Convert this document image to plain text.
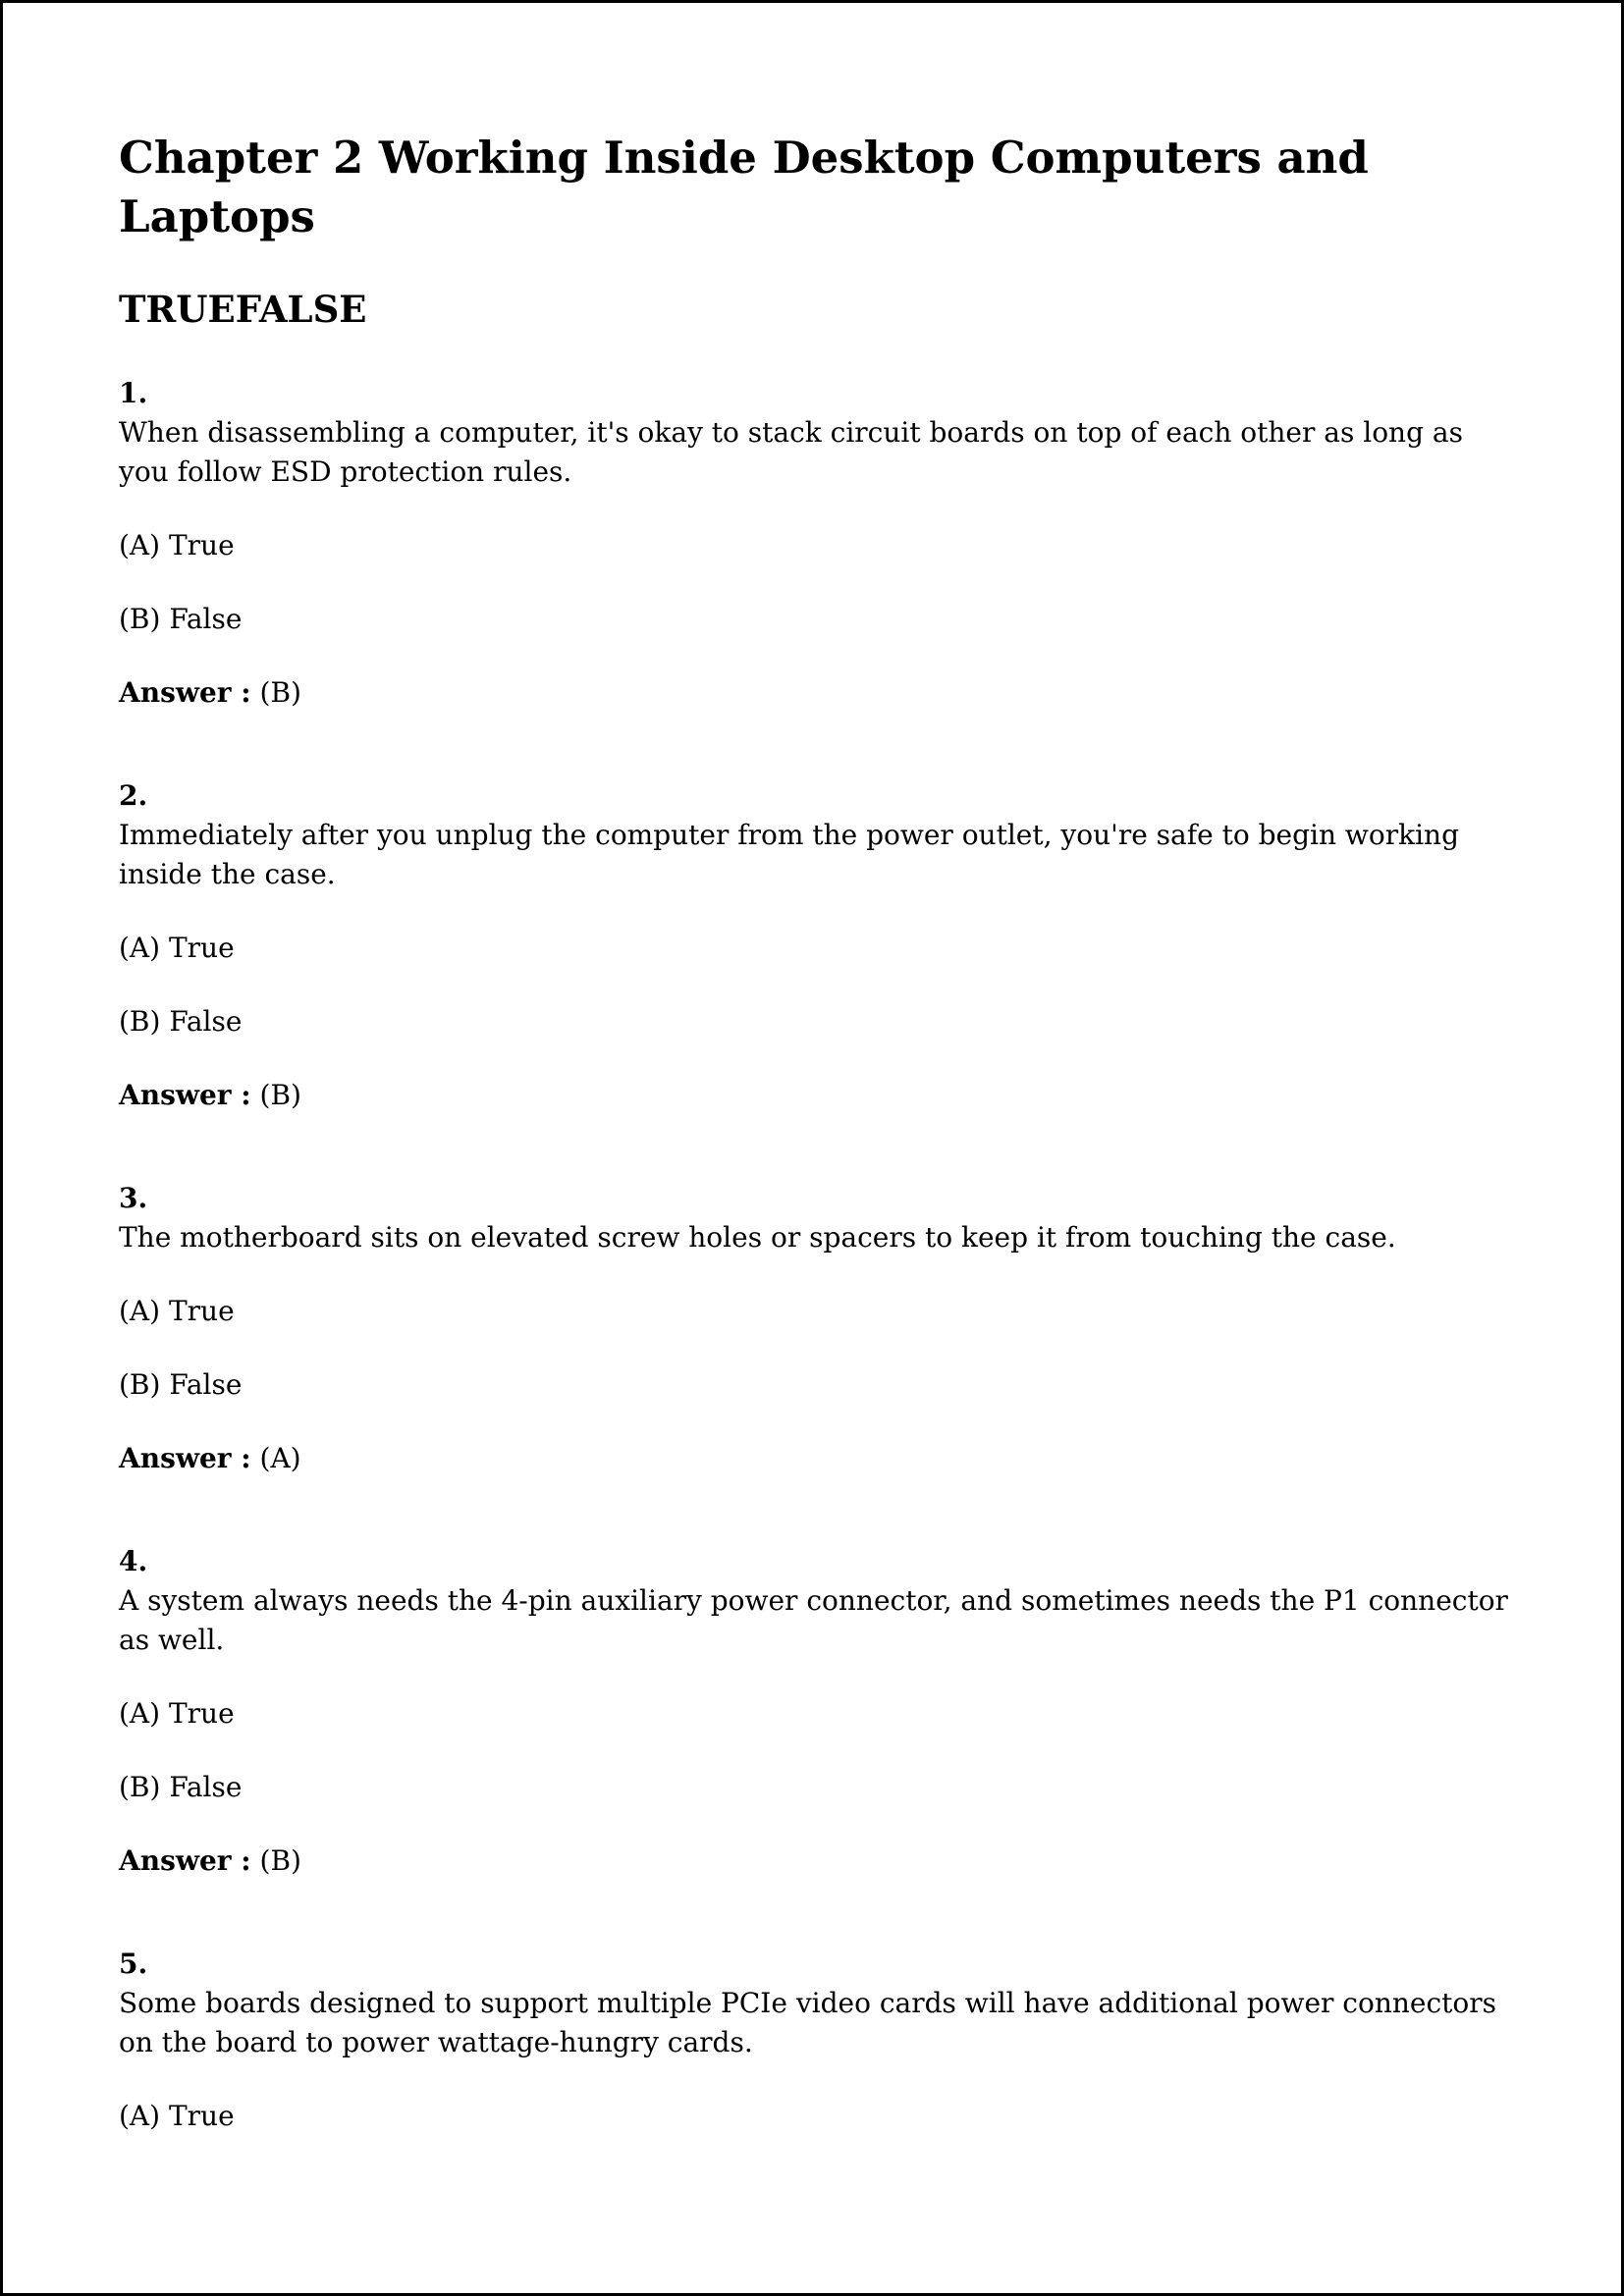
Chapter 2 Working Inside Desktop Computers and Laptops
TRUEFALSE

1.

When disassembling a computer, it's okay to stack circuit boards on top of each other as long as you follow ESD protection rules.

(A) True

(B) False

Answer : (B)

2.

Immediately after you unplug the computer from the power outlet, you're safe to begin working inside the case.

(A) True

(B) False

Answer : (B)

3.

The motherboard sits on elevated screw holes or spacers to keep it from touching the case.

(A) True

(B) False

Answer : (A)

4.

A system always needs the 4-pin auxiliary power connector, and sometimes needs the P1 connector as well.

(A) True

(B) False

Answer : (B)

5.

Some boards designed to support multiple PCIe video cards will have additional power connectors on the board to power wattage-hungry cards.

(A) True
